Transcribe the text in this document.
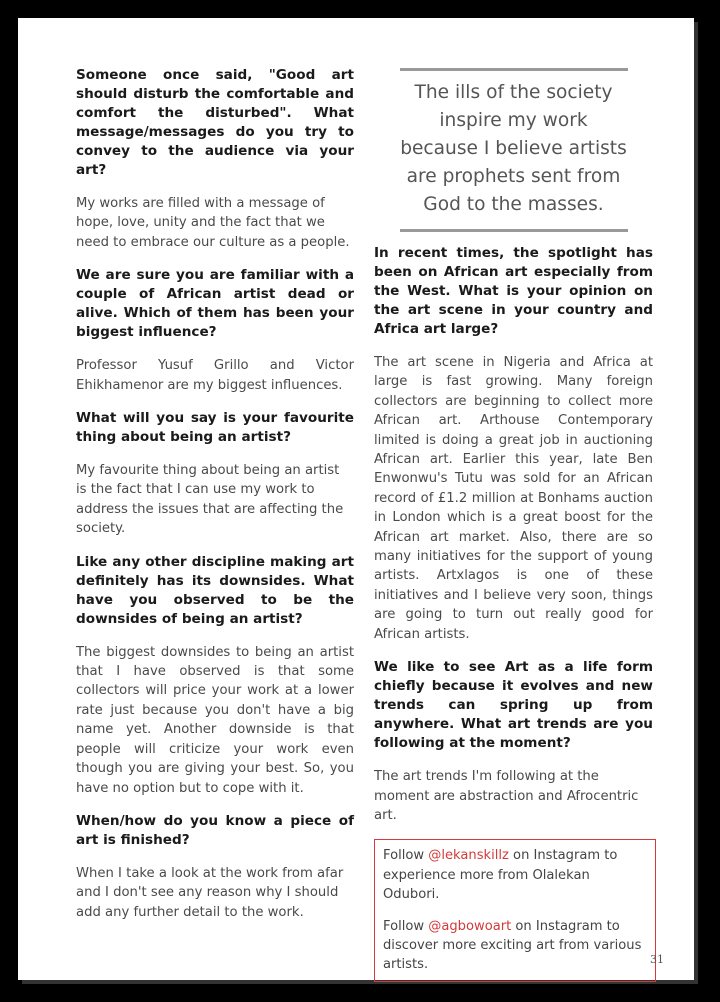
Someone once said, "Good art should disturb the comfortable and comfort the disturbed". What message/messages do you try to convey to the audience via your art?

My works are filled with a message of hope, love, unity and the fact that we need to embrace our culture as a people.

We are sure you are familiar with a couple of African artist dead or alive. Which of them has been your biggest influence?

Professor Yusuf Grillo and Victor Ehikhamenor are my biggest influences.

What will you say is your favourite thing about being an artist?

My favourite thing about being an artist is the fact that I can use my work to address the issues that are affecting the society.

Like any other discipline making art definitely has its downsides. What have you observed to be the downsides of being an artist?

The biggest downsides to being an artist that I have observed is that some collectors will price your work at a lower rate just because you don't have a big name yet. Another downside is that people will criticize your work even though you are giving your best. So, you have no option but to cope with it.

When/how do you know a piece of art is finished?

When I take a look at the work from afar and I don't see any reason why I should add any further detail to the work.

The ills of the society inspire my work because I believe artists are prophets sent from God to the masses.

In recent times, the spotlight has been on African art especially from the West. What is your opinion on the art scene in your country and Africa art large?

The art scene in Nigeria and Africa at large is fast growing. Many foreign collectors are beginning to collect more African art. Arthouse Contemporary limited is doing a great job in auctioning African art. Earlier this year, late Ben Enwonwu's Tutu was sold for an African record of £1.2 million at Bonhams auction in London which is a great boost for the African art market. Also, there are so many initiatives for the support of young artists. Artxlagos is one of these initiatives and I believe very soon, things are going to turn out really good for African artists.

We like to see Art as a life form chiefly because it evolves and new trends can spring up from anywhere. What art trends are you following at the moment?

The art trends I'm following at the moment are abstraction and Afrocentric art.

Follow @lekanskillz on Instagram to experience more from Olalekan Odubori.

Follow @agbowoart on Instagram to discover more exciting art from various artists.	31
